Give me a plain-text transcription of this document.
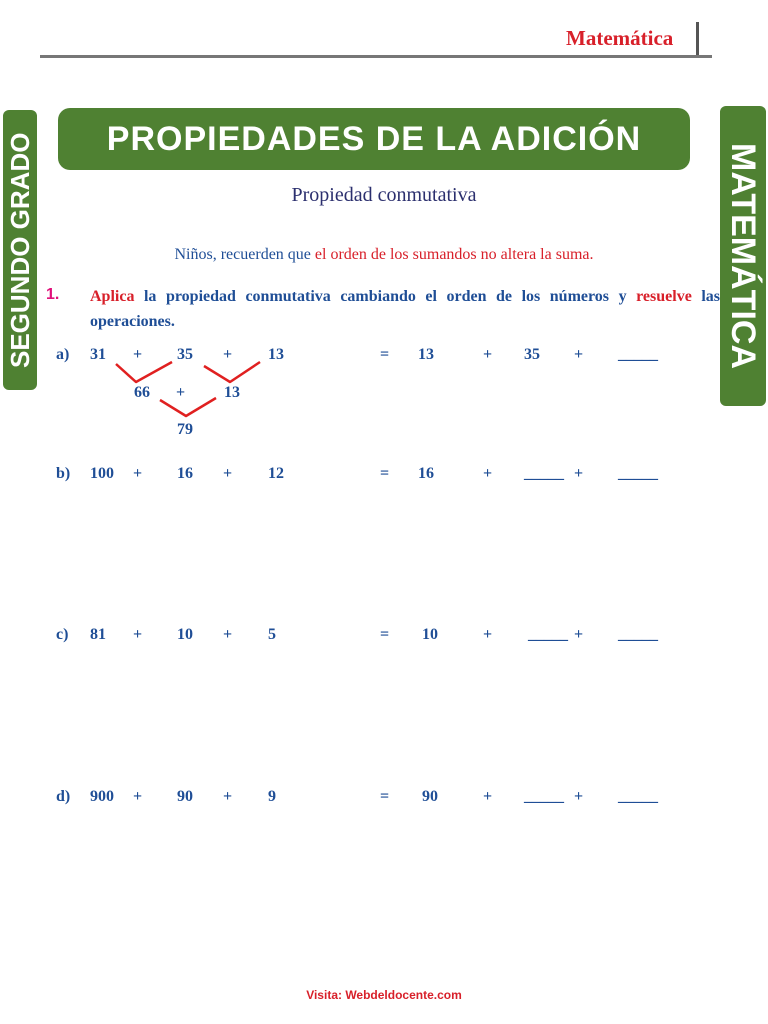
Matemática
PROPIEDADES DE LA ADICIÓN
SEGUNDO GRADO	MATEMÁTICA
Propiedad conmutativa
Niños, recuerden que el orden de los sumandos no altera la suma.
1. Aplica la propiedad conmutativa cambiando el orden de los números y resuelve las operaciones.
a) 31 + 35 + 13	= 13	+ 35 + _____
66 + 13
79
b) 100 + 16 + 12	= 16	+ _____ + _____
c) 81 + 10 + 5	= 10	+ _____ + _____
d) 900 + 90 + 9	= 90	+ _____ + _____
Visita: Webdeldocente.com
